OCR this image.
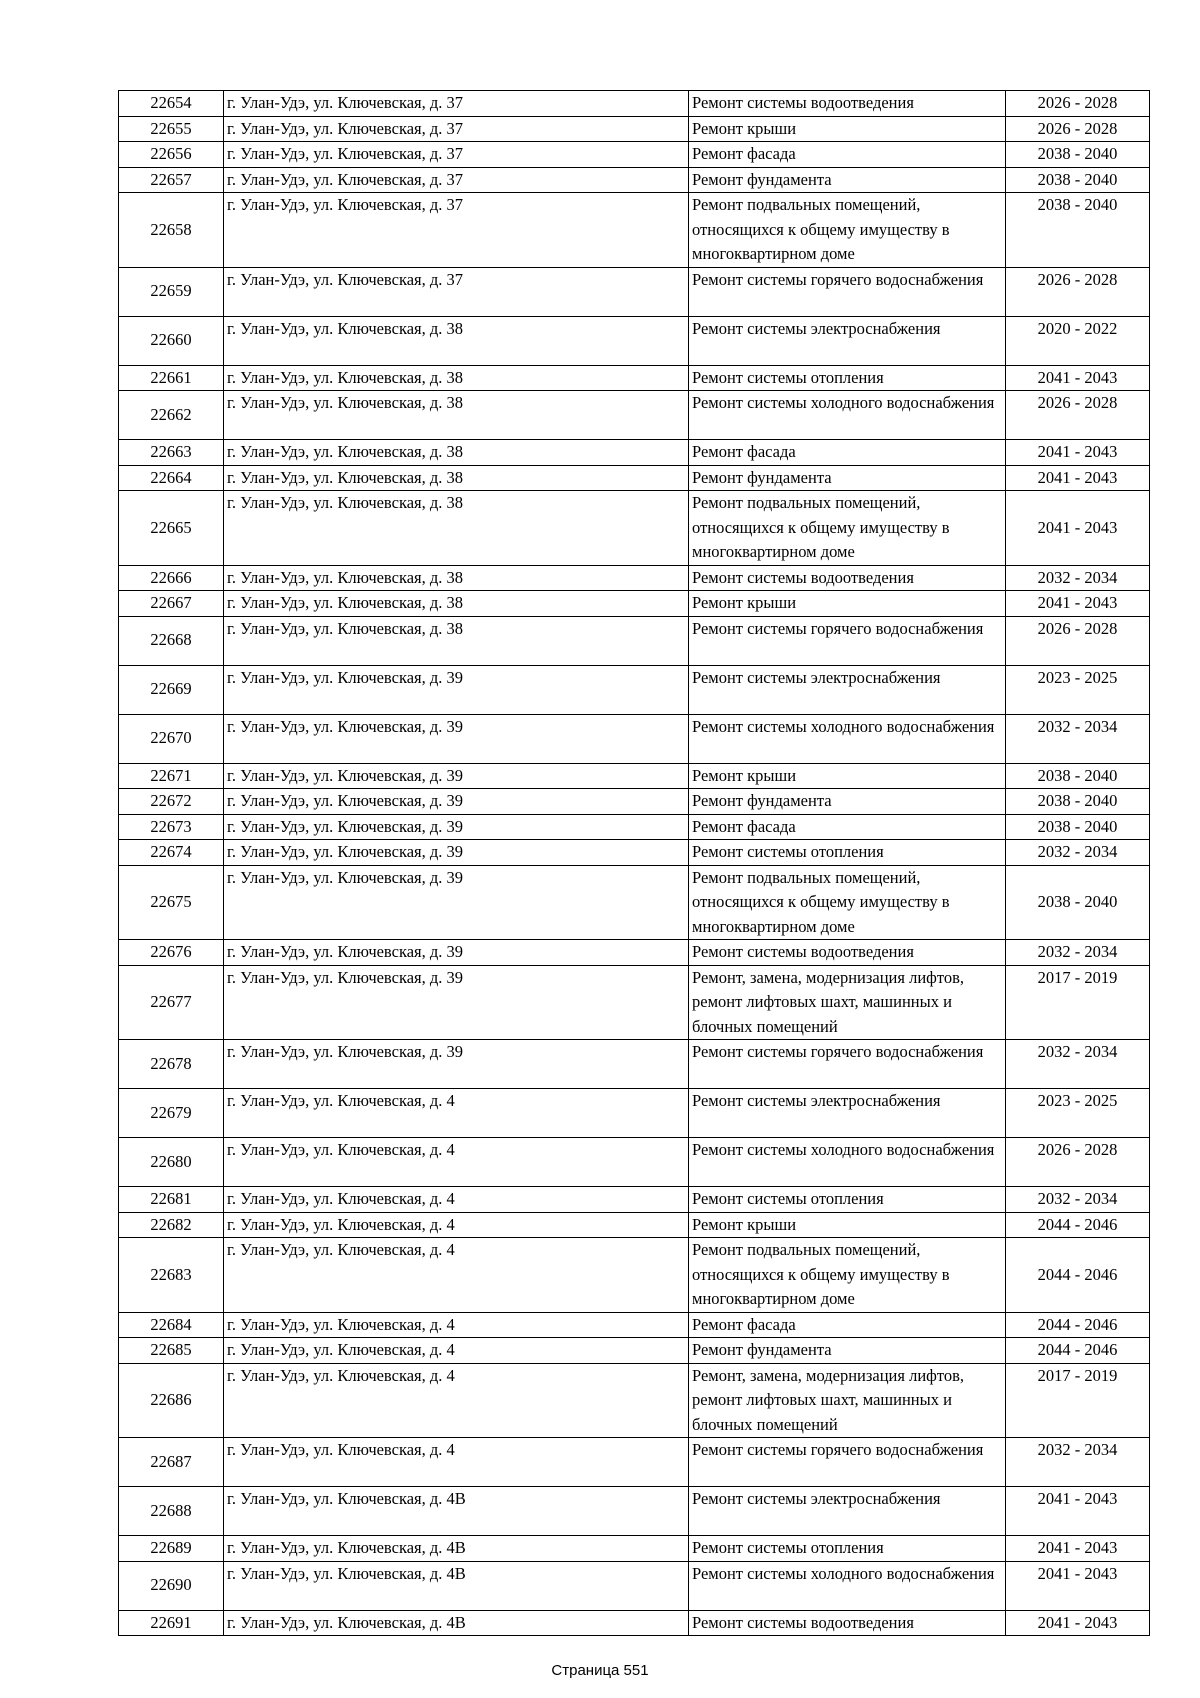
22654	г. Улан-Удэ, ул. Ключевская, д. 37	Ремонт системы водоотведения	2026 - 2028
22655	г. Улан-Удэ, ул. Ключевская, д. 37	Ремонт крыши	2026 - 2028
22656	г. Улан-Удэ, ул. Ключевская, д. 37	Ремонт фасада	2038 - 2040
22657	г. Улан-Удэ, ул. Ключевская, д. 37	Ремонт фундамента	2038 - 2040
22658	г. Улан-Удэ, ул. Ключевская, д. 37	Ремонт подвальных помещений, относящихся к общему имуществу в многоквартирном доме	2038 - 2040
22659	г. Улан-Удэ, ул. Ключевская, д. 37	Ремонт системы горячего водоснабжения	2026 - 2028
22660	г. Улан-Удэ, ул. Ключевская, д. 38	Ремонт системы электроснабжения	2020 - 2022
22661	г. Улан-Удэ, ул. Ключевская, д. 38	Ремонт системы отопления	2041 - 2043
22662	г. Улан-Удэ, ул. Ключевская, д. 38	Ремонт системы холодного водоснабжения	2026 - 2028
22663	г. Улан-Удэ, ул. Ключевская, д. 38	Ремонт фасада	2041 - 2043
22664	г. Улан-Удэ, ул. Ключевская, д. 38	Ремонт фундамента	2041 - 2043
22665	г. Улан-Удэ, ул. Ключевская, д. 38	Ремонт подвальных помещений, относящихся к общему имуществу в многоквартирном доме	2041 - 2043
22666	г. Улан-Удэ, ул. Ключевская, д. 38	Ремонт системы водоотведения	2032 - 2034
22667	г. Улан-Удэ, ул. Ключевская, д. 38	Ремонт крыши	2041 - 2043
22668	г. Улан-Удэ, ул. Ключевская, д. 38	Ремонт системы горячего водоснабжения	2026 - 2028
22669	г. Улан-Удэ, ул. Ключевская, д. 39	Ремонт системы электроснабжения	2023 - 2025
22670	г. Улан-Удэ, ул. Ключевская, д. 39	Ремонт системы холодного водоснабжения	2032 - 2034
22671	г. Улан-Удэ, ул. Ключевская, д. 39	Ремонт крыши	2038 - 2040
22672	г. Улан-Удэ, ул. Ключевская, д. 39	Ремонт фундамента	2038 - 2040
22673	г. Улан-Удэ, ул. Ключевская, д. 39	Ремонт фасада	2038 - 2040
22674	г. Улан-Удэ, ул. Ключевская, д. 39	Ремонт системы отопления	2032 - 2034
22675	г. Улан-Удэ, ул. Ключевская, д. 39	Ремонт подвальных помещений, относящихся к общему имуществу в многоквартирном доме	2038 - 2040
22676	г. Улан-Удэ, ул. Ключевская, д. 39	Ремонт системы водоотведения	2032 - 2034
22677	г. Улан-Удэ, ул. Ключевская, д. 39	Ремонт, замена, модернизация лифтов, ремонт лифтовых шахт, машинных и блочных помещений	2017 - 2019
22678	г. Улан-Удэ, ул. Ключевская, д. 39	Ремонт системы горячего водоснабжения	2032 - 2034
22679	г. Улан-Удэ, ул. Ключевская, д. 4	Ремонт системы электроснабжения	2023 - 2025
22680	г. Улан-Удэ, ул. Ключевская, д. 4	Ремонт системы холодного водоснабжения	2026 - 2028
22681	г. Улан-Удэ, ул. Ключевская, д. 4	Ремонт системы отопления	2032 - 2034
22682	г. Улан-Удэ, ул. Ключевская, д. 4	Ремонт крыши	2044 - 2046
22683	г. Улан-Удэ, ул. Ключевская, д. 4	Ремонт подвальных помещений, относящихся к общему имуществу в многоквартирном доме	2044 - 2046
22684	г. Улан-Удэ, ул. Ключевская, д. 4	Ремонт фасада	2044 - 2046
22685	г. Улан-Удэ, ул. Ключевская, д. 4	Ремонт фундамента	2044 - 2046
22686	г. Улан-Удэ, ул. Ключевская, д. 4	Ремонт, замена, модернизация лифтов, ремонт лифтовых шахт, машинных и блочных помещений	2017 - 2019
22687	г. Улан-Удэ, ул. Ключевская, д. 4	Ремонт системы горячего водоснабжения	2032 - 2034
22688	г. Улан-Удэ, ул. Ключевская, д. 4В	Ремонт системы электроснабжения	2041 - 2043
22689	г. Улан-Удэ, ул. Ключевская, д. 4В	Ремонт системы отопления	2041 - 2043
22690	г. Улан-Удэ, ул. Ключевская, д. 4В	Ремонт системы холодного водоснабжения	2041 - 2043
22691	г. Улан-Удэ, ул. Ключевская, д. 4В	Ремонт системы водоотведения	2041 - 2043
Страница 551
